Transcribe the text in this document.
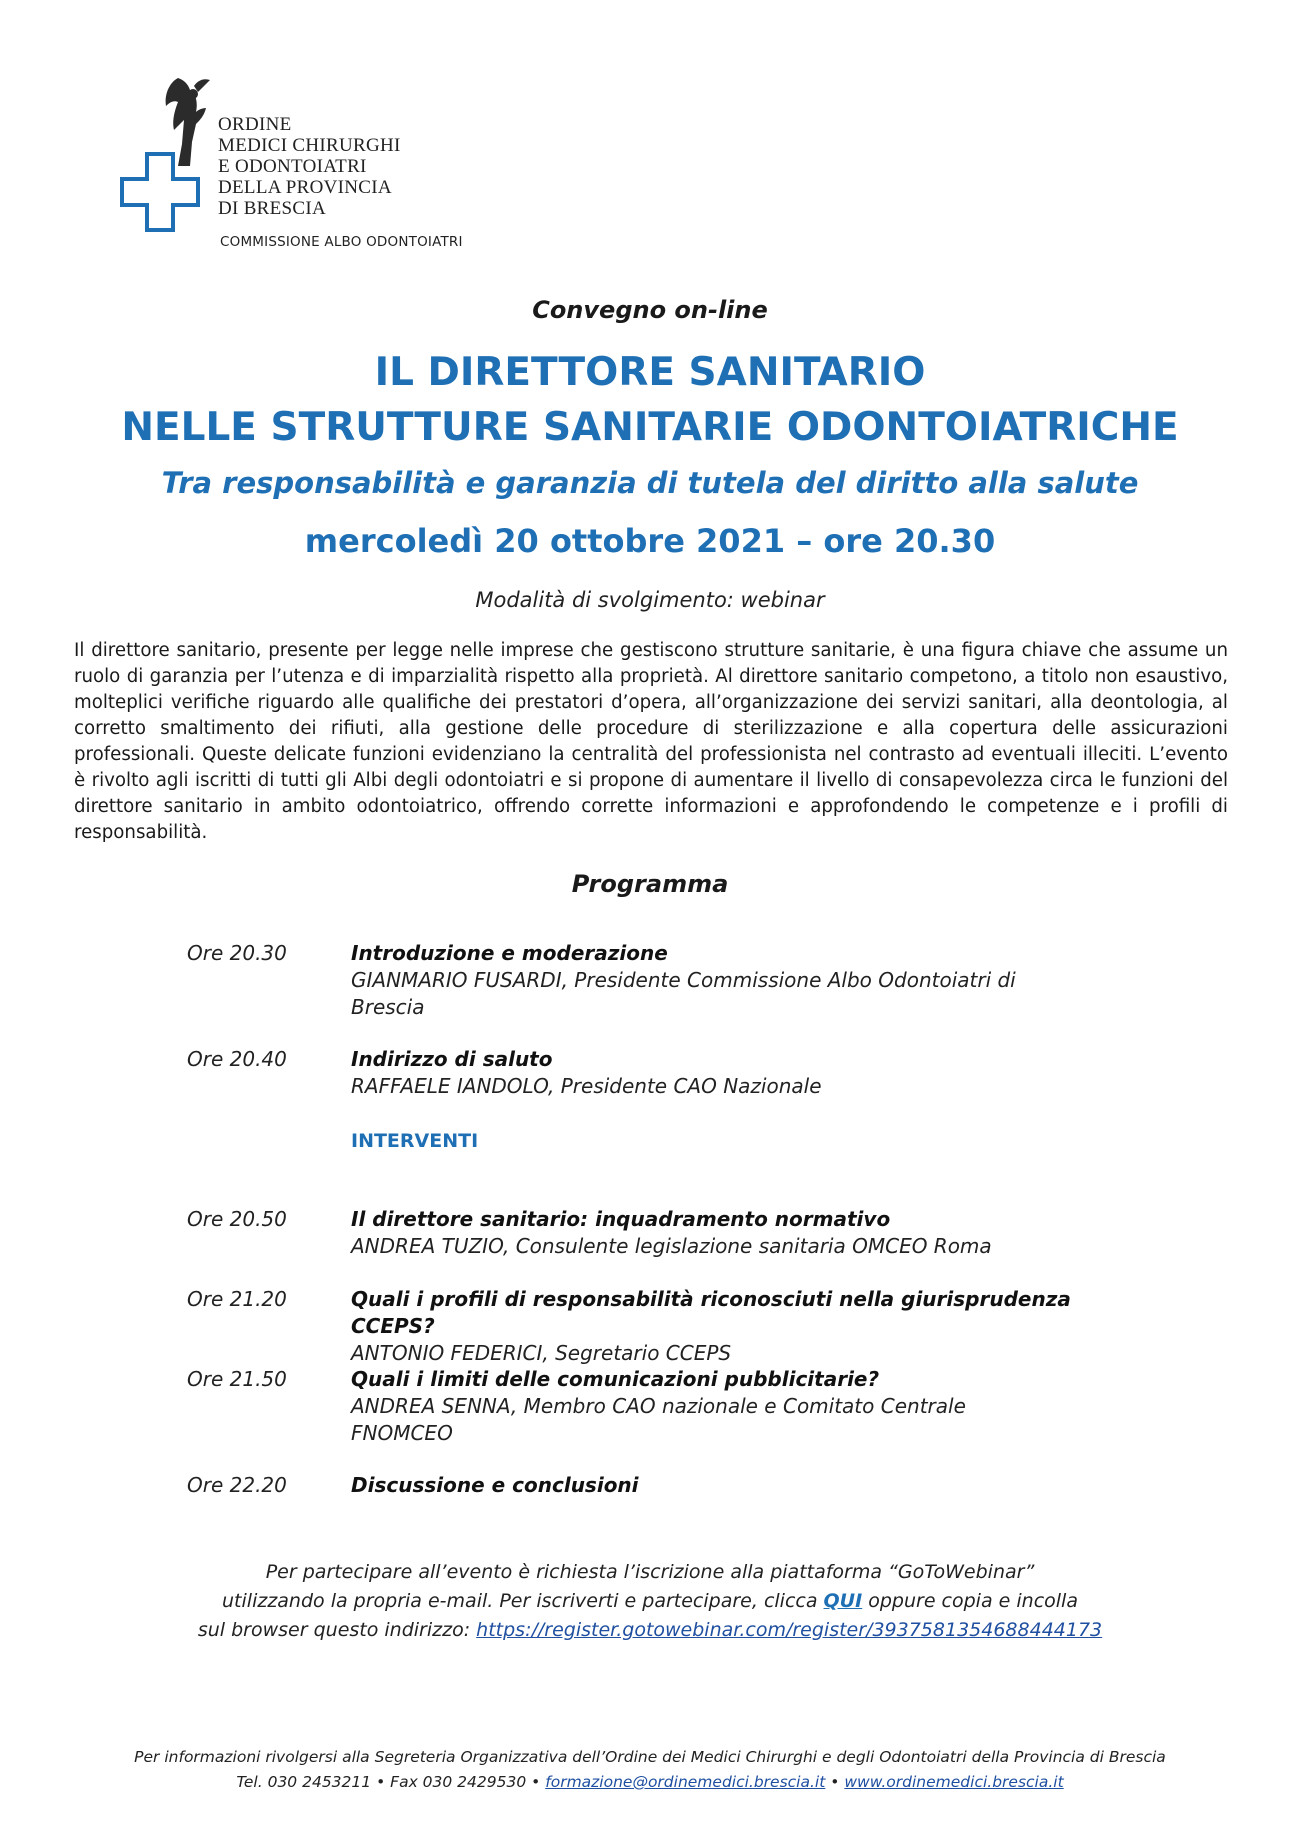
ORDINE
MEDICI CHIRURGHI
E ODONTOIATRI
DELLA PROVINCIA
DI BRESCIA
COMMISSIONE ALBO ODONTOIATRI
Convegno on-line
IL DIRETTORE SANITARIO
NELLE STRUTTURE SANITARIE ODONTOIATRICHE
Tra responsabilità e garanzia di tutela del diritto alla salute
mercoledì 20 ottobre 2021 – ore 20.30
Modalità di svolgimento: webinar
Il direttore sanitario, presente per legge nelle imprese che gestiscono strutture sanitarie, è una figura chiave che assume un ruolo di garanzia per l’utenza e di imparzialità rispetto alla proprietà. Al direttore sanitario competono, a titolo non esaustivo, molteplici verifiche riguardo alle qualifiche dei prestatori d’opera, all’organizzazione dei servizi sanitari, alla deontologia, al corretto smaltimento dei rifiuti, alla gestione delle procedure di sterilizzazione e alla copertura delle assicurazioni professionali. Queste delicate funzioni evidenziano la centralità del professionista nel contrasto ad eventuali illeciti. L’evento è rivolto agli iscritti di tutti gli Albi degli odontoiatri e si propone di aumentare il livello di consapevolezza circa le funzioni del direttore sanitario in ambito odontoiatrico, offrendo corrette informazioni e approfondendo le competenze e i profili di responsabilità.
Programma
Ore 20.30	Introduzione e moderazione
GIANMARIO FUSARDI, Presidente Commissione Albo Odontoiatri di Brescia
Ore 20.40	Indirizzo di saluto
RAFFAELE IANDOLO, Presidente CAO Nazionale
INTERVENTI
Ore 20.50	Il direttore sanitario: inquadramento normativo
ANDREA TUZIO, Consulente legislazione sanitaria OMCEO Roma
Ore 21.20	Quali i profili di responsabilità riconosciuti nella giurisprudenza CCEPS?
ANTONIO FEDERICI, Segretario CCEPS
Ore 21.50	Quali i limiti delle comunicazioni pubblicitarie?
ANDREA SENNA, Membro CAO nazionale e Comitato Centrale FNOMCEO
Ore 22.20	Discussione e conclusioni
Per partecipare all’evento è richiesta l’iscrizione alla piattaforma “GoToWebinar”
utilizzando la propria e-mail. Per iscriverti e partecipare, clicca QUI oppure copia e incolla
sul browser questo indirizzo: https://register.gotowebinar.com/register/3937581354688444173
Per informazioni rivolgersi alla Segreteria Organizzativa dell’Ordine dei Medici Chirurghi e degli Odontoiatri della Provincia di Brescia
Tel. 030 2453211 • Fax 030 2429530 • formazione@ordinemedici.brescia.it • www.ordinemedici.brescia.it
